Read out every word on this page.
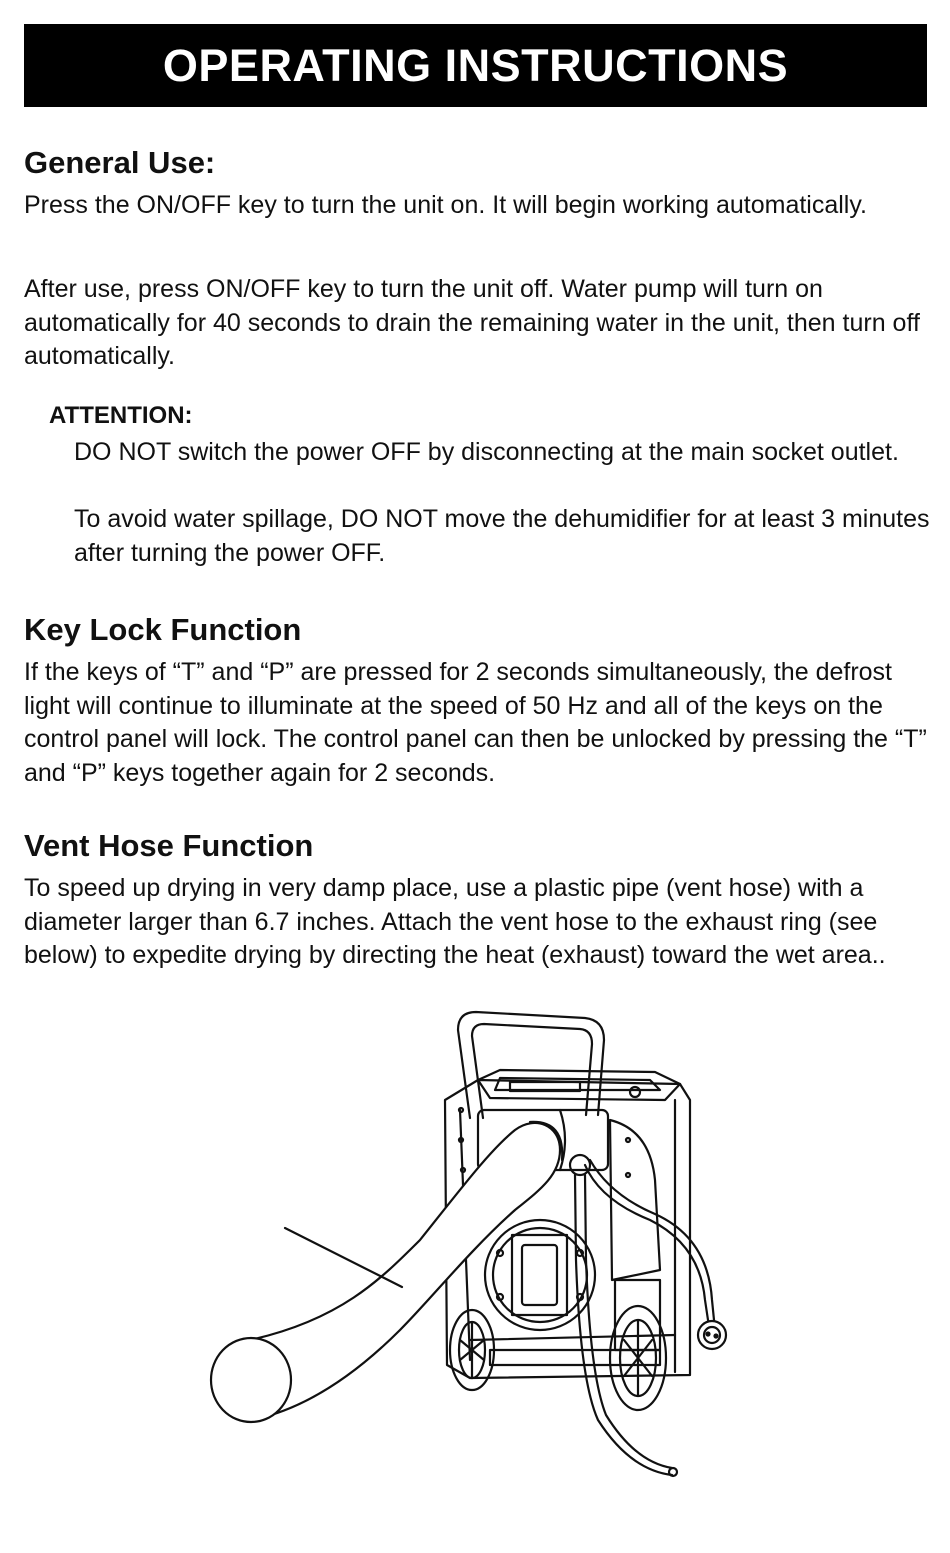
OPERATING INSTRUCTIONS
General Use:

Press the ON/OFF key to turn the unit on. It will begin working automatically.

After use, press ON/OFF key to turn the unit off. Water pump will turn on automatically for 40 seconds to drain the remaining water in the unit, then turn off automatically.

ATTENTION:

DO NOT switch the power OFF by disconnecting at the main socket outlet.

To avoid water spillage, DO NOT move the dehumidifier for at least 3 minutes after turning the power OFF.

Key Lock Function

If the keys of “T” and “P” are pressed for 2 seconds simultaneously, the defrost light will continue to illuminate at the speed of 50 Hz and all of the keys on the control panel will lock. The control panel can then be unlocked by pressing the “T” and “P” keys together again for 2 seconds.

Vent Hose Function

To speed up drying in very damp place, use a plastic pipe (vent hose) with a diameter larger than 6.7 inches. Attach the vent hose to the exhaust ring (see below) to expedite drying by directing the heat (exhaust) toward the wet area..
